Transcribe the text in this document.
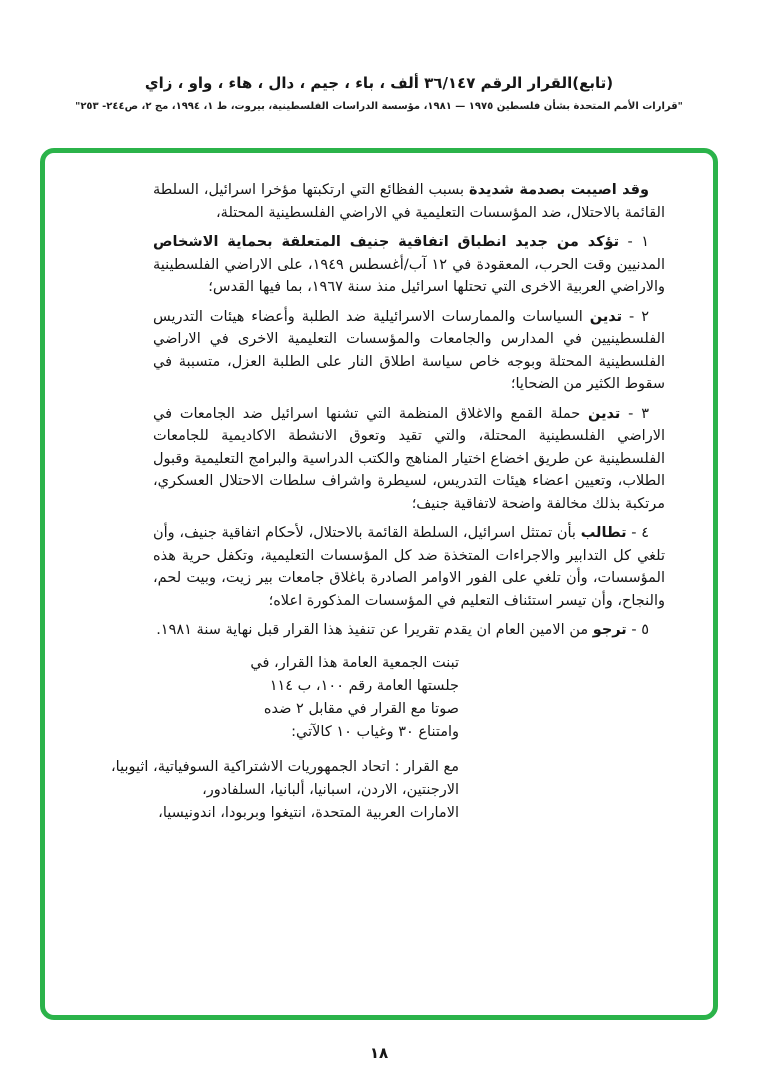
(تابع)القرار الرقم ٣٦/١٤٧ ألف ، باء ، جيم ، دال ، هاء ، واو ، زاي
"قرارات الأمم المتحدة بشأن فلسطين ١٩٧٥ — ١٩٨١، مؤسسة الدراسات الفلسطينية، بيروت، ط ١، ١٩٩٤، مج ٢، ص٢٤٤- ٢٥٣"

وقد اصيبت بصدمة شديدة بسبب الفظائع التي ارتكبتها مؤخرا اسرائيل، السلطة القائمة بالاحتلال، ضد المؤسسات التعليمية في الاراضي الفلسطينية المحتلة،

١ - تؤكد من جديد انطباق اتفاقية جنيف المتعلقة بحماية الاشخاص المدنيين وقت الحرب، المعقودة في ١٢ آب/أغسطس ١٩٤٩، على الاراضي الفلسطينية والاراضي العربية الاخرى التي تحتلها اسرائيل منذ سنة ١٩٦٧، بما فيها القدس؛

٢ - تدين السياسات والممارسات الاسرائيلية ضد الطلبة وأعضاء هيئات التدريس الفلسطينيين في المدارس والجامعات والمؤسسات التعليمية الاخرى في الاراضي الفلسطينية المحتلة وبوجه خاص سياسة اطلاق النار على الطلبة العزل، متسببة في سقوط الكثير من الضحايا؛

٣ - تدين حملة القمع والاغلاق المنظمة التي تشنها اسرائيل ضد الجامعات في الاراضي الفلسطينية المحتلة، والتي تقيد وتعوق الانشطة الاكاديمية للجامعات الفلسطينية عن طريق اخضاع اختيار المناهج والكتب الدراسية والبرامج التعليمية وقبول الطلاب، وتعيين اعضاء هيئات التدريس، لسيطرة واشراف سلطات الاحتلال العسكري، مرتكبة بذلك مخالفة واضحة لاتفاقية جنيف؛

٤ - تطالب بأن تمتثل اسرائيل، السلطة القائمة بالاحتلال، لأحكام اتفاقية جنيف، وأن تلغي كل التدابير والاجراءات المتخذة ضد كل المؤسسات التعليمية، وتكفل حرية هذه المؤسسات، وأن تلغي على الفور الاوامر الصادرة باغلاق جامعات بير زيت، وبيت لحم، والنجاح، وأن تيسر استئناف التعليم في المؤسسات المذكورة اعلاه؛

٥ - ترجو من الامين العام ان يقدم تقريرا عن تنفيذ هذا القرار قبل نهاية سنة ١٩٨١.

تبنت الجمعية العامة هذا القرار، في
جلستها العامة رقم ١٠٠، ب ١١٤
صوتا مع القرار في مقابل ٢ ضده
وامتناع ٣٠ وغياب ١٠ كالآتي:
مع القرار : اتحاد الجمهوريات الاشتراكية السوفياتية، اثيوبيا،
الارجنتين، الاردن، اسبانيا، ألبانيا، السلفادور،
الامارات العربية المتحدة، انتيغوا وبربودا، اندونيسيا،
١٨
